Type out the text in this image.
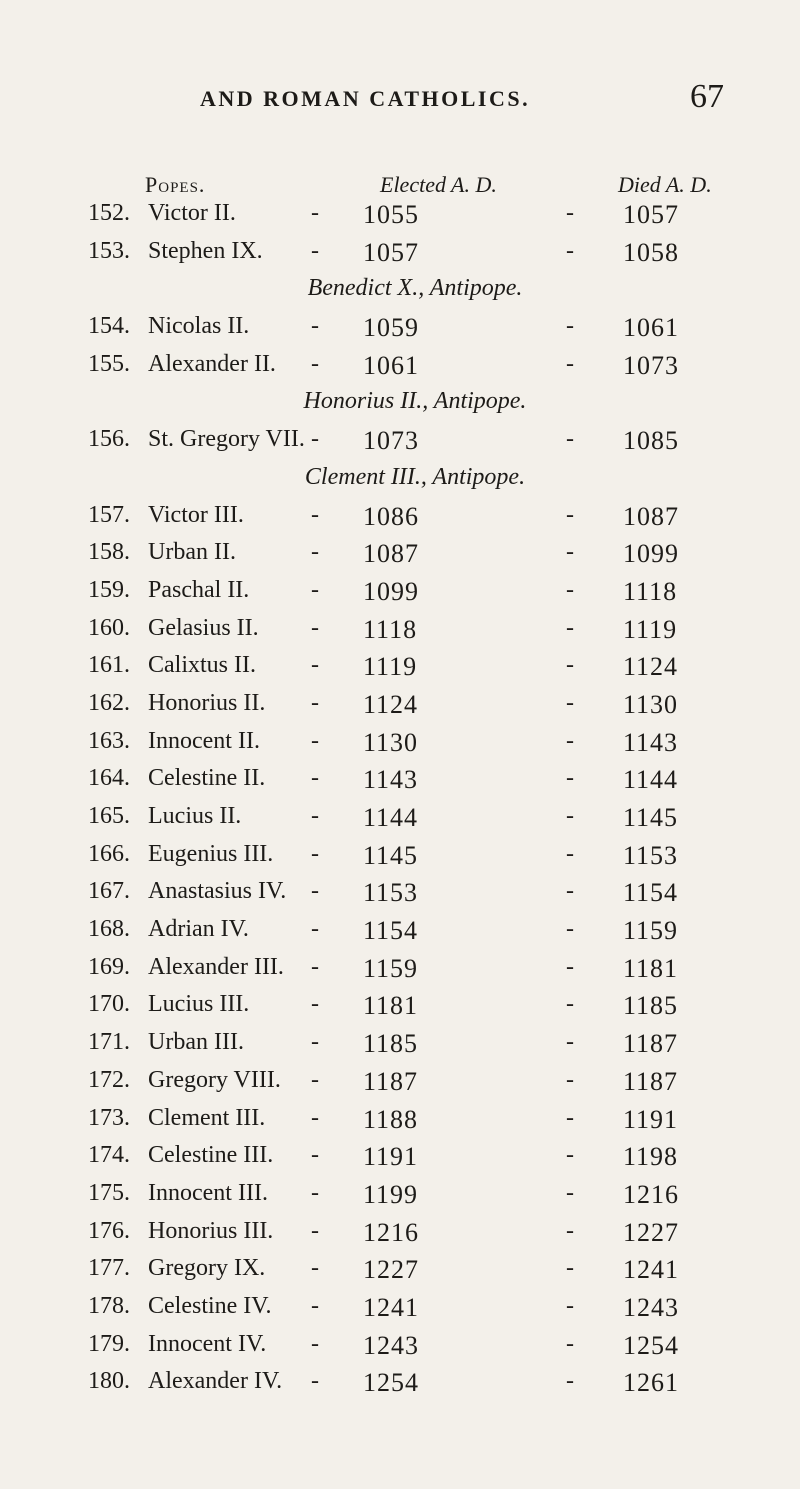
AND ROMAN CATHOLICS.	67
Popes.	Elected A. D.	Died A. D.
152. Victor II.	- 1055	- 1057
153. Stephen IX. - 1057	- 1058
Benedict X., Antipope.
154. Nicolas II.	- 1059	- 1061
155. Alexander II. - 1061	- 1073
Honorius II., Antipope.
156. St. Gregory VII. - 1073	- 1085
Clement III., Antipope.
157. Victor III.	- 1086	- 1087
158. Urban II.	- 1087	- 1099
159. Paschal II.	- 1099	- 1118
160. Gelasius II. - 1118	- 1119
161. Calixtus II. - 1119	- 1124
162. Honorius II. - 1124	- 1130
163. Innocent II. - 1130	- 1143
164. Celestine II. - 1143	- 1144
165. Lucius II.	- 1144	- 1145
166. Eugenius III. - 1145	- 1153
167. Anastasius IV. - 1153	- 1154
168. Adrian IV.	- 1154	- 1159
169. Alexander III. - 1159	- 1181
170. Lucius III.	- 1181	- 1185
171. Urban III.	- 1185	- 1187
172. Gregory VIII. - 1187	- 1187
173. Clement III. - 1188	- 1191
174. Celestine III. - 1191	- 1198
175. Innocent III. - 1199	- 1216
176. Honorius III. - 1216	- 1227
177. Gregory IX. - 1227	- 1241
178. Celestine IV. - 1241	- 1243
179. Innocent IV. - 1243	- 1254
180. Alexander IV. - 1254	- 1261
